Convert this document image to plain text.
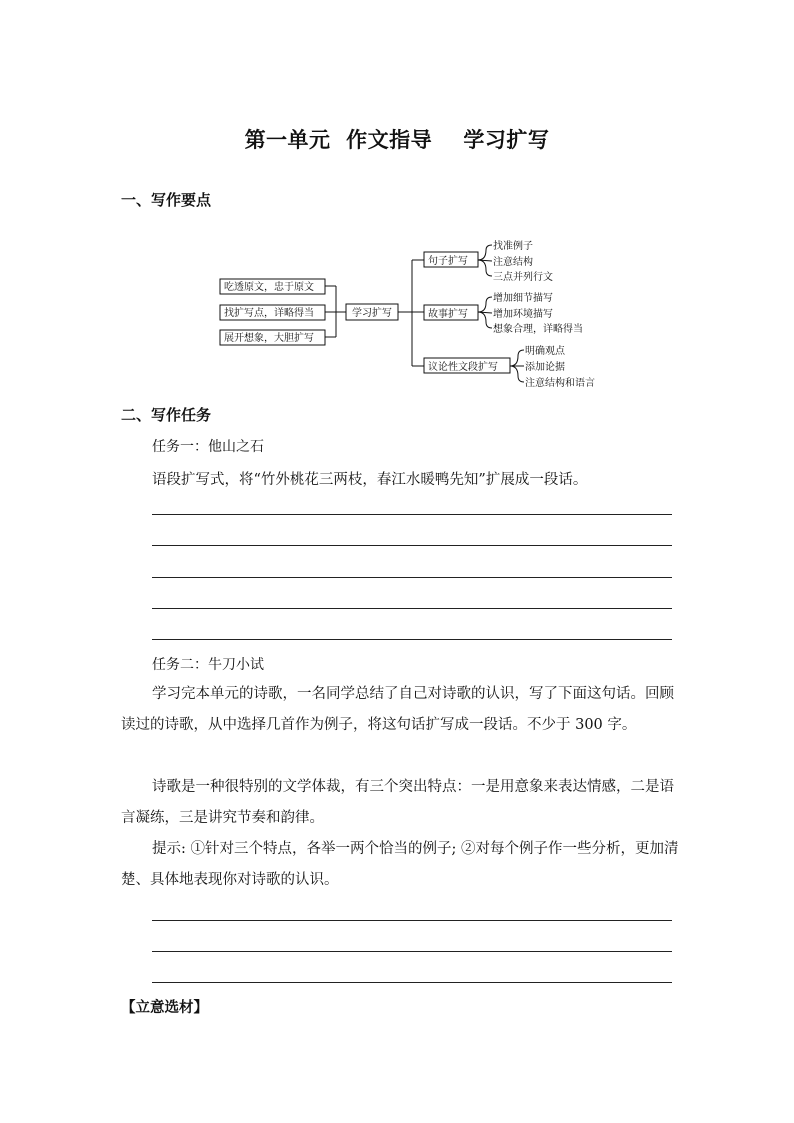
第一单元  作文指导    学习扩写
一、写作要点
吃透原文，忠于原文
找扩写点，详略得当
展开想象，大胆扩写
学习扩写
句子扩写
故事扩写
议论性文段扩写
找准例子
注意结构
三点并列行文
增加细节描写
增加环境描写
想象合理，详略得当
明确观点
添加论据
注意结构和语言
二、写作任务
任务一：他山之石
语段扩写式，将“竹外桃花三两枝，春江水暖鸭先知”扩展成一段话。
任务二：牛刀小试
学习完本单元的诗歌，一名同学总结了自己对诗歌的认识，写了下面这句话。回顾读过的诗歌，从中选择几首作为例子，将这句话扩写成一段话。不少于 300 字。
诗歌是一种很特别的文学体裁，有三个突出特点：一是用意象来表达情感，二是语言凝练，三是讲究节奏和韵律。
提示: ①针对三个特点，各举一两个恰当的例子; ②对每个例子作一些分析，更加清楚、具体地表现你对诗歌的认识。
【立意选材】
